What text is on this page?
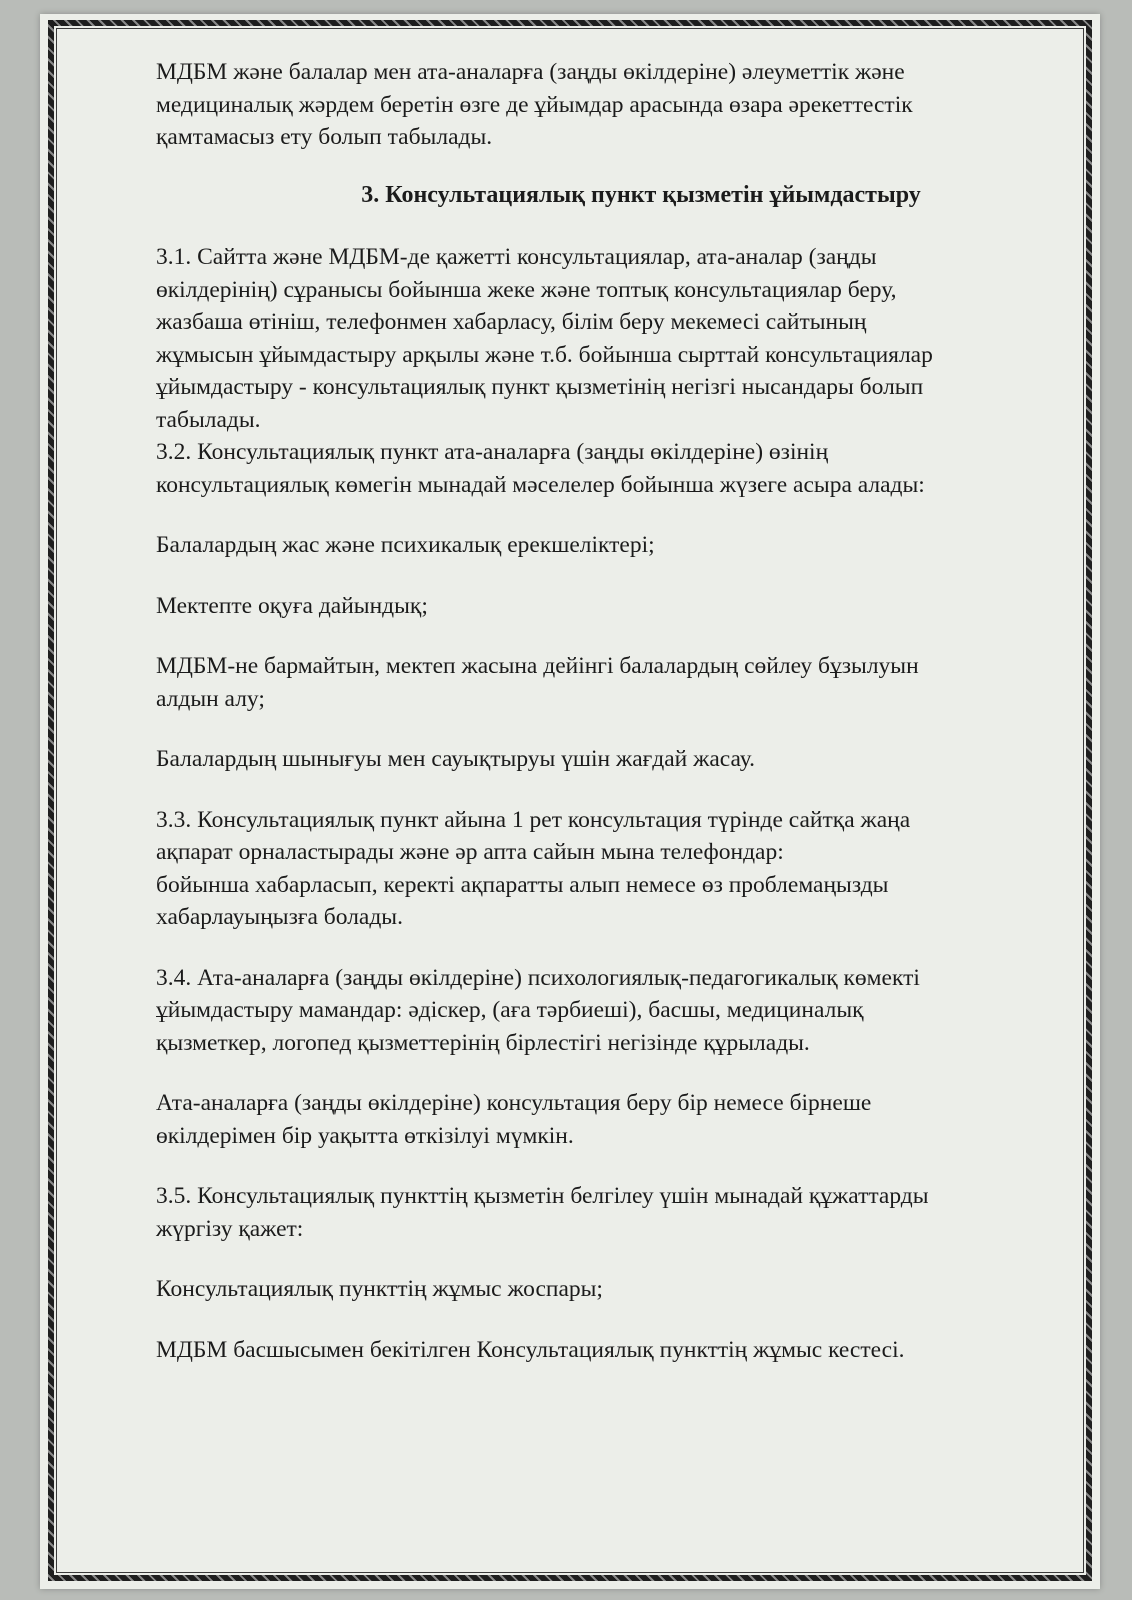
МДБМ және балалар мен ата-аналарға (заңды өкілдеріне) әлеуметтік және

медициналық жәрдем беретін өзге де ұйымдар арасында өзара әрекеттестік

қамтамасыз ету болып табылады.

3. Консультациялық пункт қызметін ұйымдастыру

3.1. Сайтта және МДБМ-де қажетті консультациялар, ата-аналар (заңды

өкілдерінің) сұранысы бойынша жеке және топтық консультациялар беру,

жазбаша өтініш, телефонмен хабарласу, білім беру мекемесі сайтының

жұмысын ұйымдастыру арқылы және т.б. бойынша сырттай консультациялар

ұйымдастыру - консультациялық пункт қызметінің негізгі нысандары болып

табылады.

3.2. Консультациялық пункт ата-аналарға (заңды өкілдеріне) өзінің

консультациялық көмегін мынадай мәселелер бойынша жүзеге асыра алады:

Балалардың жас және психикалық ерекшеліктері;

Мектепте оқуға дайындық;

МДБМ-не бармайтын, мектеп жасына дейінгі балалардың сөйлеу бұзылуын

алдын алу;

Балалардың шынығуы мен сауықтыруы үшін жағдай жасау.

3.3. Консультациялық пункт айына 1 рет консультация түрінде сайтқа жаңа

ақпарат орналастырады және әр апта сайын мына телефондар:

бойынша хабарласып, керекті ақпаратты алып немесе өз проблемаңызды

хабарлауыңызға болады.

3.4. Ата-аналарға (заңды өкілдеріне) психологиялық-педагогикалық көмекті

ұйымдастыру мамандар: әдіскер, (аға тәрбиеші), басшы, медициналық

қызметкер, логопед қызметтерінің бірлестігі негізінде құрылады.

Ата-аналарға (заңды өкілдеріне) консультация беру бір немесе бірнеше

өкілдерімен бір уақытта өткізілуі мүмкін.

3.5. Консультациялық пункттің қызметін белгілеу үшін мынадай құжаттарды

жүргізу қажет:

Консультациялық пункттің жұмыс жоспары;

МДБМ басшысымен бекітілген Консультациялық пункттің жұмыс кестесі.
